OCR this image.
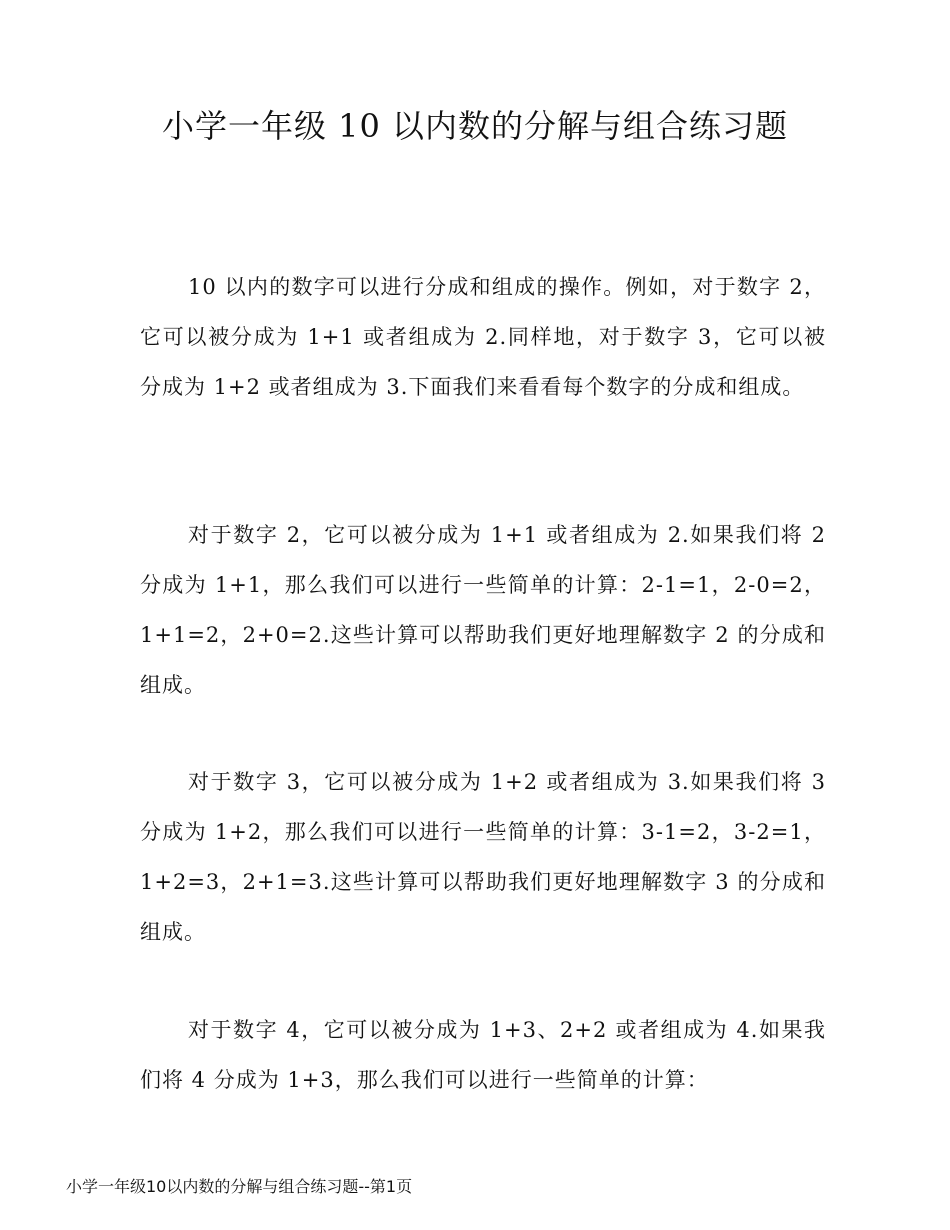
小学一年级 10 以内数的分解与组合练习题

10 以内的数字可以进行分成和组成的操作。例如，对于数字 2，它可以被分成为 1+1 或者组成为 2.同样地，对于数字 3，它可以被分成为 1+2 或者组成为 3.下面我们来看看每个数字的分成和组成。

对于数字 2，它可以被分成为 1+1 或者组成为 2.如果我们将 2 分成为 1+1，那么我们可以进行一些简单的计算：2-1=1，2-0=2，1+1=2，2+0=2.这些计算可以帮助我们更好地理解数字 2 的分成和组成。

对于数字 3，它可以被分成为 1+2 或者组成为 3.如果我们将 3 分成为 1+2，那么我们可以进行一些简单的计算：3-1=2，3-2=1，1+2=3，2+1=3.这些计算可以帮助我们更好地理解数字 3 的分成和组成。

对于数字 4，它可以被分成为 1+3、2+2 或者组成为 4.如果我们将 4 分成为 1+3，那么我们可以进行一些简单的计算：

小学一年级10以内数的分解与组合练习题--第1页
